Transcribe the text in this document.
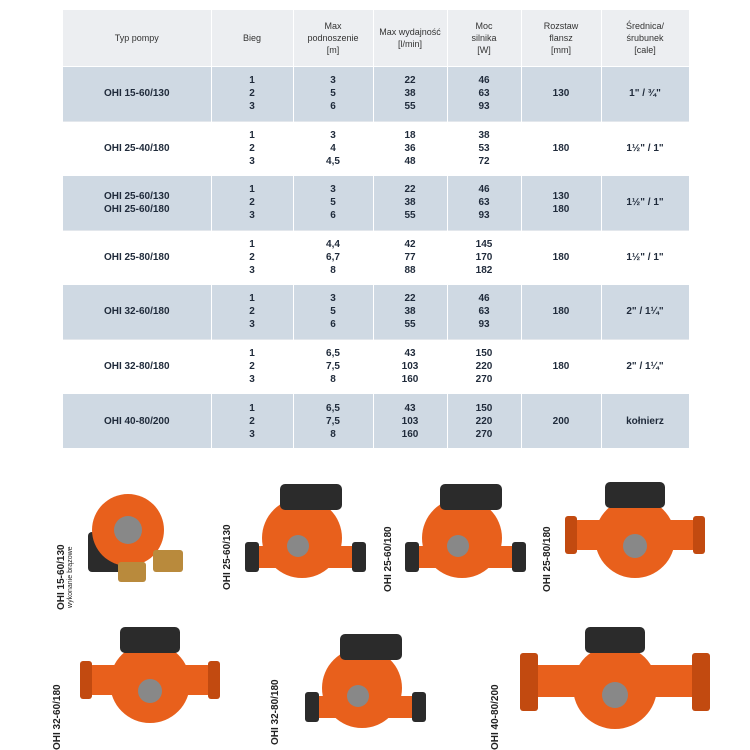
Typ pompy	Bieg	Max
podnoszenie
[m]	Max wydajność
[l/min]	Moc
silnika
[W]	Rozstaw
flansz
[mm]	Średnica/
śrubunek
[cale]

OHI 15-60/130	1
2
3	3
5
6	22
38
55	46
63
93	130	1" / ¾"

OHI 25-40/180	1
2
3	3
4
4,5	18
36
48	38
53
72	180	1½" / 1"

OHI 25-60/130
OHI 25-60/180	1
2
3	3
5
6	22
38
55	46
63
93	130
180	1½" / 1"

OHI 25-80/180	1
2
3	4,4
6,7
8	42
77
88	145
170
182	180	1½" / 1"

OHI 32-60/180	1
2
3	3
5
6	22
38
55	46
63
93	180	2" / 1¼"

OHI 32-80/180	1
2
3	6,5
7,5
8	43
103
160	150
220
270	180	2" / 1¼"

OHI 40-80/200	1
2
3	6,5
7,5
8	43
103
160	150
220
270	200	kołnierz
OHI 15-60/130 wykonanie brązowe	OHI 25-60/130	OHI 25-60/180	OHI 25-80/180
OHI 32-60/180	OHI 32-80/180	OHI 40-80/200
